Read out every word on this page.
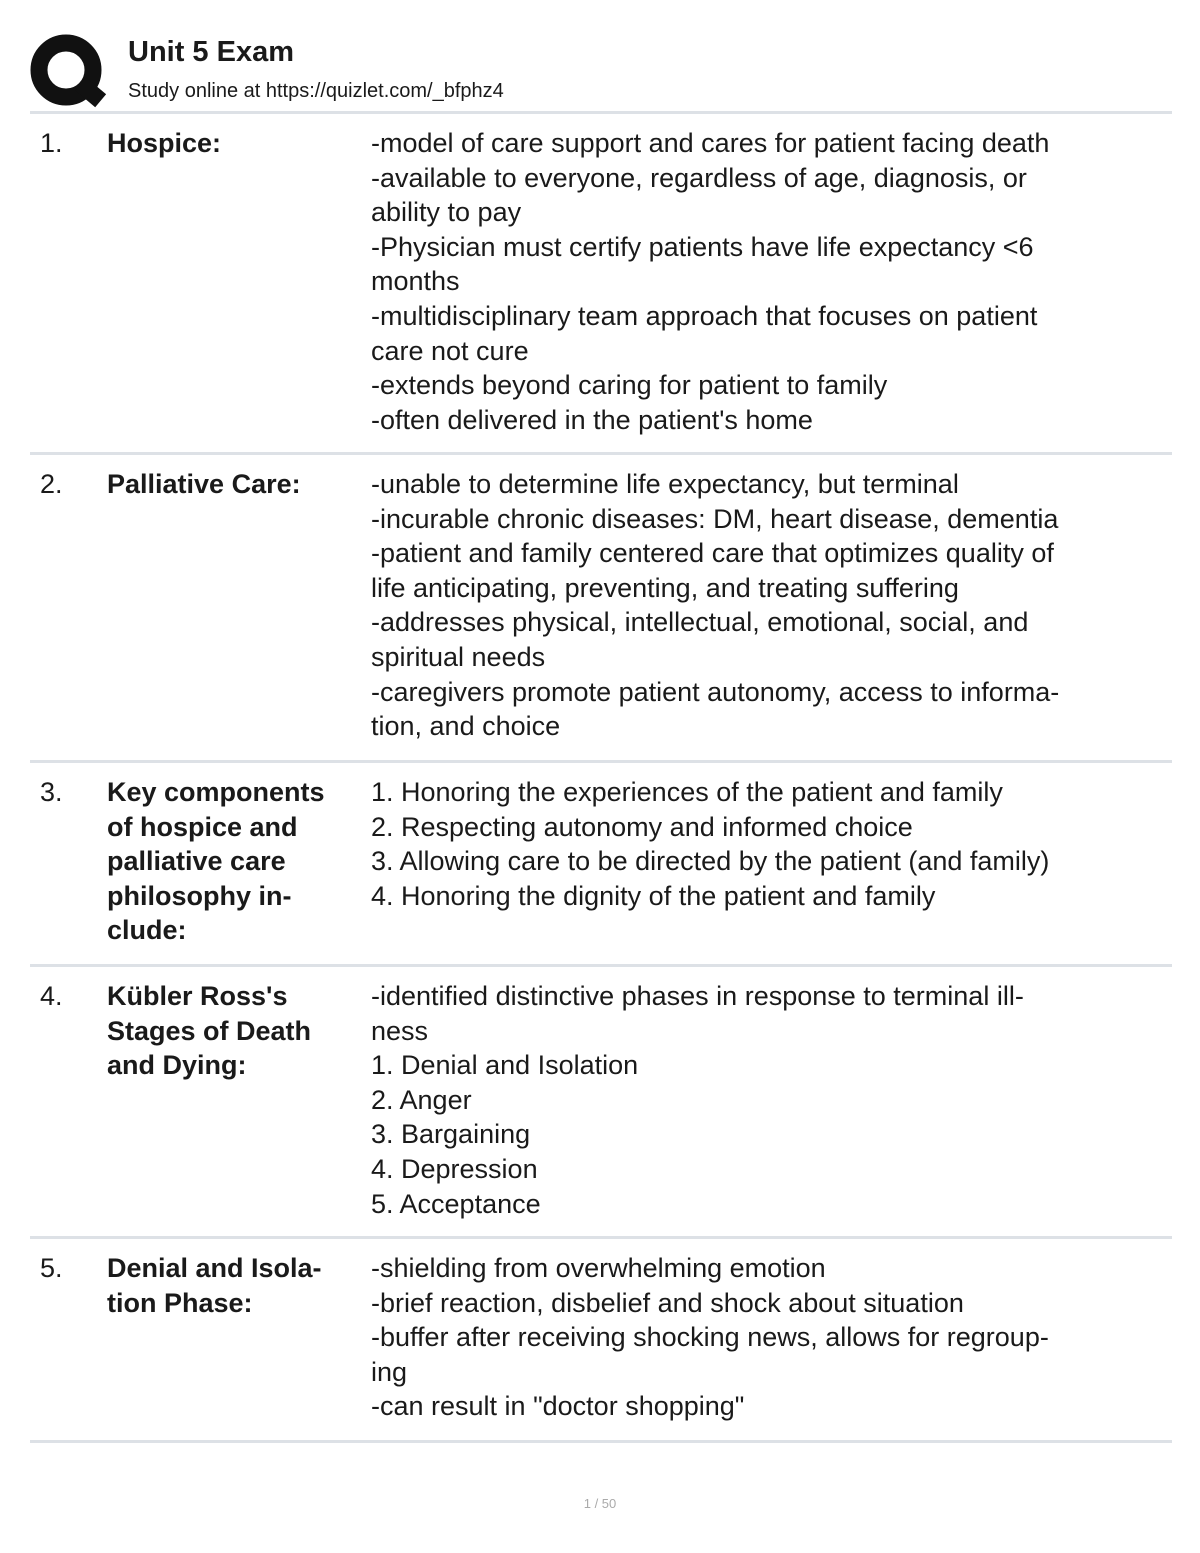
Unit 5 Exam
Study online at https://quizlet.com/_bfphz4
1. Hospice:	-model of care support and cares for patient facing death
-available to everyone, regardless of age, diagnosis, or
ability to pay
-Physician must certify patients have life expectancy <6
months
-multidisciplinary team approach that focuses on patient
care not cure
-extends beyond caring for patient to family
-often delivered in the patient's home
2. Palliative Care:	-unable to determine life expectancy, but terminal
-incurable chronic diseases: DM, heart disease, dementia
-patient and family centered care that optimizes quality of
life anticipating, preventing, and treating suffering
-addresses physical, intellectual, emotional, social, and
spiritual needs
-caregivers promote patient autonomy, access to informa-
tion, and choice
3. Key components
of hospice and
palliative care
philosophy in-
clude:
1. Honoring the experiences of the patient and family
2. Respecting autonomy and informed choice
3. Allowing care to be directed by the patient (and family)
4. Honoring the dignity of the patient and family
4. Kübler Ross's
Stages of Death
and Dying:
-identified distinctive phases in response to terminal ill-
ness
1. Denial and Isolation
2. Anger
3. Bargaining
4. Depression
5. Acceptance
5. Denial and Isola-
tion Phase:
-shielding from overwhelming emotion
-brief reaction, disbelief and shock about situation
-buffer after receiving shocking news, allows for regroup-
ing
-can result in "doctor shopping"
1 / 50
